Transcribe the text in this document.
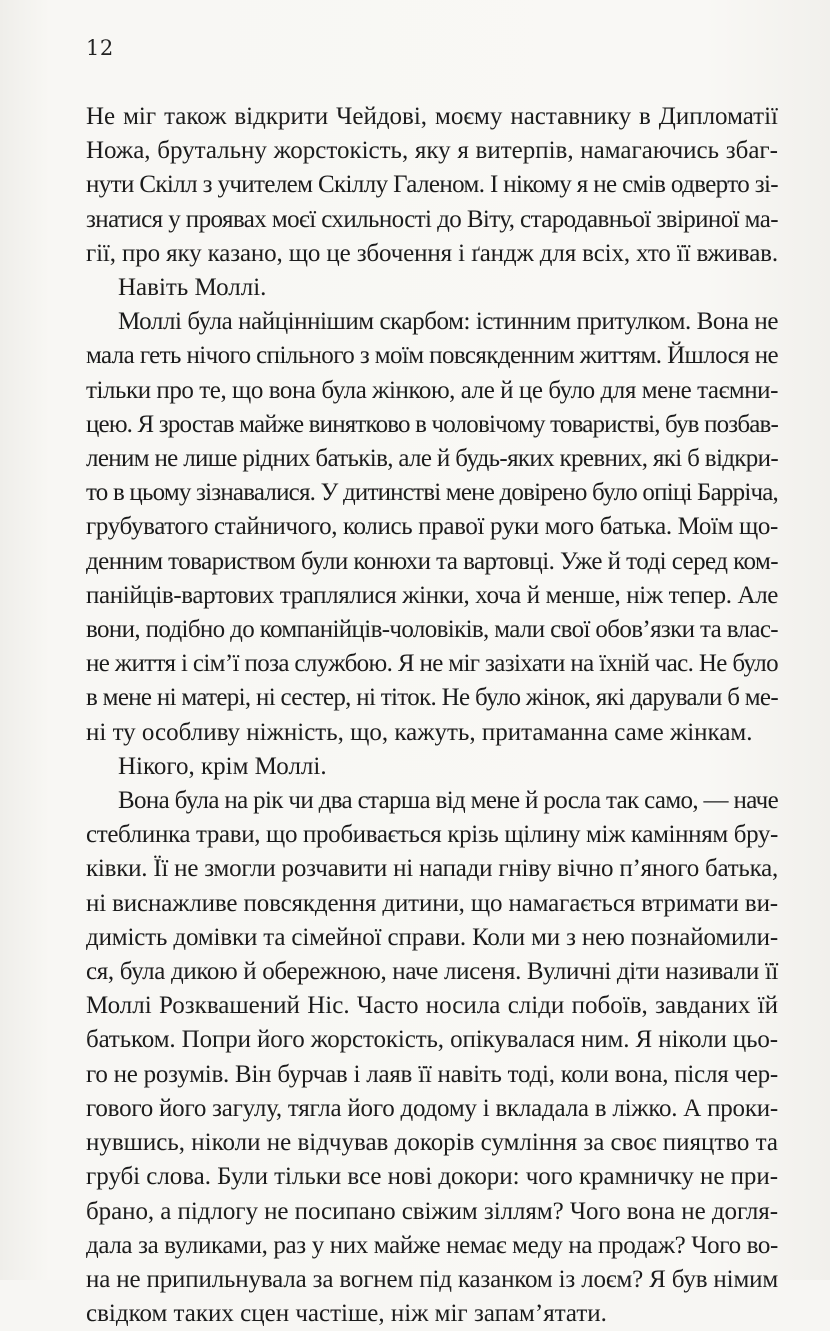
12
Не міг також відкрити Чейдові, моєму наставнику в Дипломатії
Ножа, брутальну жорстокість, яку я витерпів, намагаючись збаг-
нути Скілл з учителем Скіллу Галеном. І нікому я не смів одверто зі-
знатися у проявах моєї схильності до Віту, стародавньої звіриної ма-
гії, про яку казано, що це збочення і ґандж для всіх, хто її вживав.
Навіть Моллі.
Моллі була найціннішим скарбом: істинним притулком. Вона не
мала геть нічого спільного з моїм повсякденним життям. Йшлося не
тільки про те, що вона була жінкою, але й це було для мене таємни-
цею. Я зростав майже винятково в чоловічому товаристві, був позбав-
леним не лише рідних батьків, але й будь-яких кревних, які б відкри-
то в цьому зізнавалися. У дитинстві мене довірено було опіці Барріча,
грубуватого стайничого, колись правої руки мого батька. Моїм що-
денним товариством були конюхи та вартовці. Уже й тоді серед ком-
панійців-вартових траплялися жінки, хоча й менше, ніж тепер. Але
вони, подібно до компанійців-чоловіків, мали свої обов’язки та влас-
не життя і сім’ї поза службою. Я не міг зазіхати на їхній час. Не було
в мене ні матері, ні сестер, ні тіток. Не було жінок, які дарували б ме-
ні ту особливу ніжність, що, кажуть, притаманна саме жінкам.
Нікого, крім Моллі.
Вона була на рік чи два старша від мене й росла так само, — наче
стеблинка трави, що пробивається крізь щілину між камінням бру-
ківки. Її не змогли розчавити ні напади гніву вічно п’яного батька,
ні виснажливе повсякдення дитини, що намагається втримати ви-
димість домівки та сімейної справи. Коли ми з нею познайомили-
ся, була дикою й обережною, наче лисеня. Вуличні діти називали її
Моллі Розквашений Ніс. Часто носила сліди побоїв, завданих їй
батьком. Попри його жорстокість, опікувалася ним. Я ніколи цьо-
го не розумів. Він бурчав і лаяв її навіть тоді, коли вона, після чер-
гового його загулу, тягла його додому і вкладала в ліжко. А проки-
нувшись, ніколи не відчував докорів сумління за своє пияцтво та
грубі слова. Були тільки все нові докори: чого крамничку не при-
брано, а підлогу не посипано свіжим зіллям? Чого вона не догля-
дала за вуликами, раз у них майже немає меду на продаж? Чого во-
на не припильнувала за вогнем під казанком із лоєм? Я був німим
свідком таких сцен частіше, ніж міг запам’ятати.
